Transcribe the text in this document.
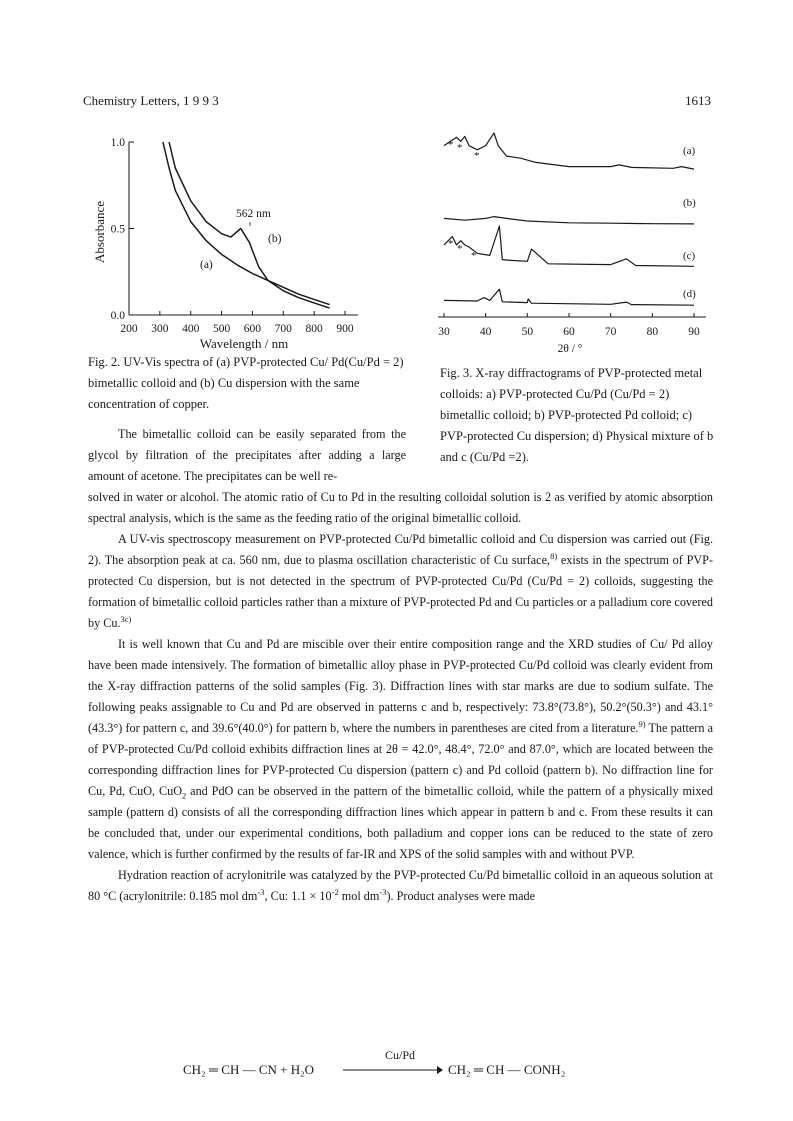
Chemistry Letters, 1 9 9 3	1613
1.0
0.5
0.0
200 300 400 500 600 700 800 900
Absorbance
Wavelength / nm
562 nm
(b)
(a)
30	40	50	60	70	80	90
2θ / °
(a)
(b)
(c)
(d)
* *
*
* *
*
Fig. 2. UV-Vis spectra of (a) PVP-protected Cu/ Pd(Cu/Pd = 2) bimetallic colloid and (b) Cu dispersion with the same concentration of copper.
Fig. 3. X-ray diffractograms of PVP-protected metal colloids: a) PVP-protected Cu/Pd (Cu/Pd = 2) bimetallic colloid; b) PVP-protected Pd colloid; c) PVP-protected Cu dispersion; d) Physical mixture of b and c (Cu/Pd =2).

The bimetallic colloid can be easily separated from the glycol by filtration of the precipitates after adding a large amount of acetone. The precipitates can be well re-

solved in water or alcohol. The atomic ratio of Cu to Pd in the resulting colloidal solution is 2 as verified by atomic absorption spectral analysis, which is the same as the feeding ratio of the original bimetallic colloid.

A UV-vis spectroscopy measurement on PVP-protected Cu/Pd bimetallic colloid and Cu dispersion was carried out (Fig. 2). The absorption peak at ca. 560 nm, due to plasma oscillation characteristic of Cu surface,$^{8)}$ exists in the spectrum of PVP-protected Cu dispersion, but is not detected in the spectrum of PVP-protected Cu/Pd (Cu/Pd = 2) colloids, suggesting the formation of bimetallic colloid particles rather than a mixture of PVP-protected Pd and Cu particles or a palladium core covered by Cu.$^{3c)}$

It is well known that Cu and Pd are miscible over their entire composition range and the XRD studies of Cu/ Pd alloy have been made intensively. The formation of bimetallic alloy phase in PVP-protected Cu/Pd colloid was clearly evident from the X-ray diffraction patterns of the solid samples (Fig. 3). Diffraction lines with star marks are due to sodium sulfate. The following peaks assignable to Cu and Pd are observed in patterns c and b, respectively: 73.8°(73.8°), 50.2°(50.3°) and 43.1°(43.3°) for pattern c, and 39.6°(40.0°) for pattern b, where the numbers in parentheses are cited from a literature.$^{9)}$ The pattern a of PVP-protected Cu/Pd colloid exhibits diffraction lines at 2θ = 42.0°, 48.4°, 72.0° and 87.0°, which are located between the corresponding diffraction lines for PVP-protected Cu dispersion (pattern c) and Pd colloid (pattern b). No diffraction line for Cu, Pd, CuO, CuO$_2$ and PdO can be observed in the pattern of the bimetallic colloid, while the pattern of a physically mixed sample (pattern d) consists of all the corresponding diffraction lines which appear in pattern b and c. From these results it can be concluded that, under our experimental conditions, both palladium and copper ions can be reduced to the state of zero valence, which is further confirmed by the results of far-IR and XPS of the solid samples with and without PVP.

Hydration reaction of acrylonitrile was catalyzed by the PVP-protected Cu/Pd bimetallic colloid in an aqueous solution at 80 °C (acrylonitrile: 0.185 mol $dm^{-3}$, Cu: $1.1 \times 10^{-2}$ mol $dm^{-3}$). Product analyses were made

CH₂ ═ CH — CN + H₂O
Cu/Pd
CH₂ ═ CH — CONH₂
